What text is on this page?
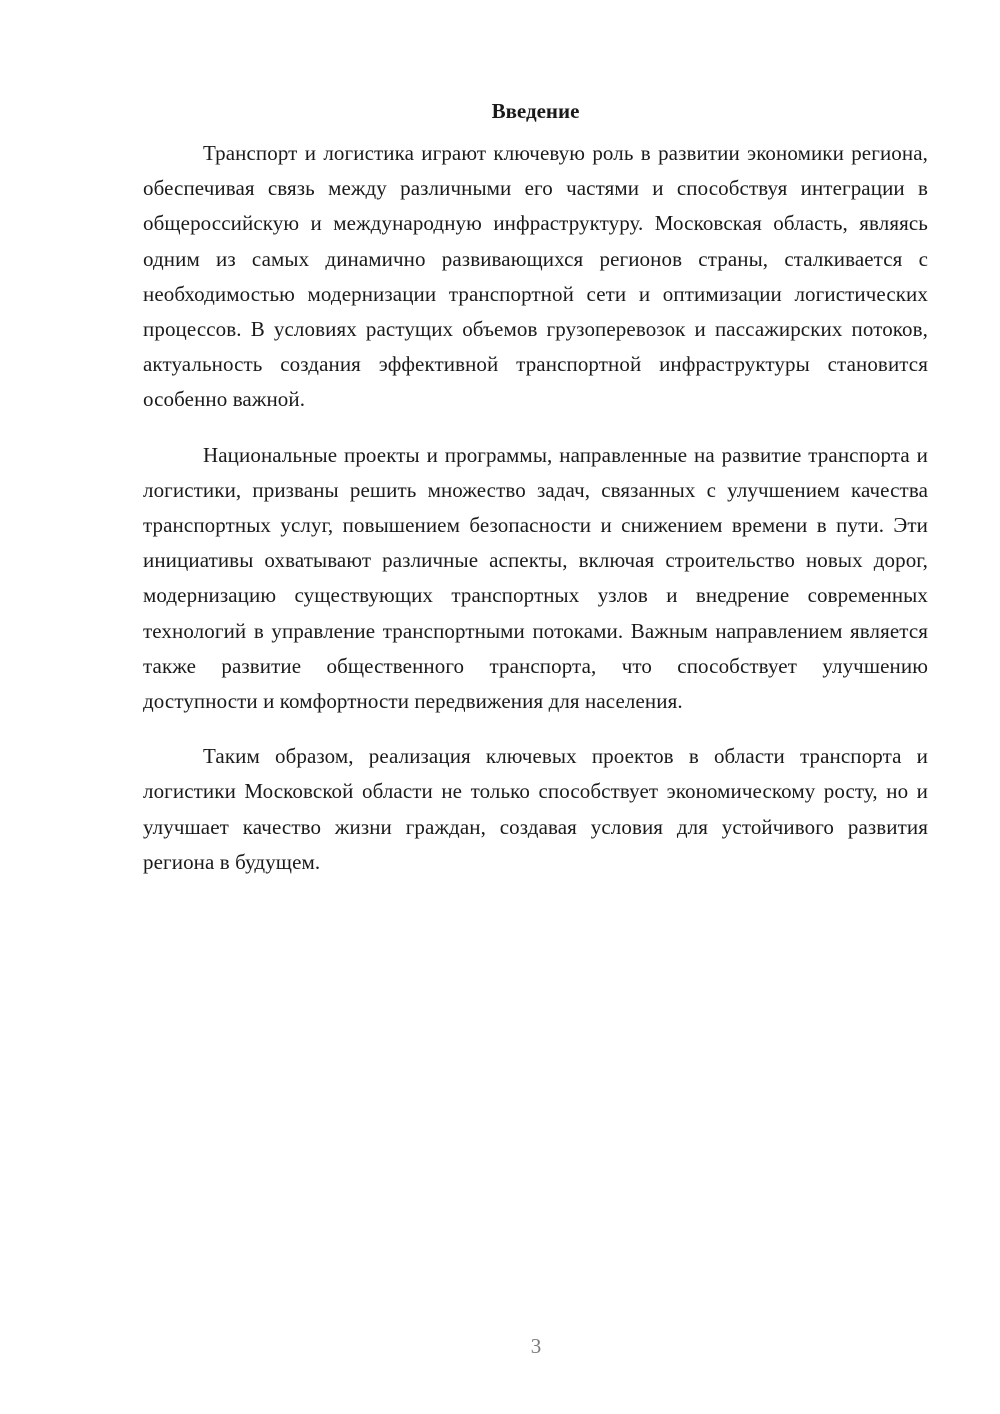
Введение

Транспорт и логистика играют ключевую роль в развитии экономики региона, обеспечивая связь между различными его частями и способствуя интеграции в общероссийскую и международную инфраструктуру. Московская область, являясь одним из самых динамично развивающихся регионов страны, сталкивается с необходимостью модернизации транспортной сети и оптимизации логистических процессов. В условиях растущих объемов грузоперевозок и пассажирских потоков, актуальность создания эффективной транспортной инфраструктуры становится особенно важной.

Национальные проекты и программы, направленные на развитие транспорта и логистики, призваны решить множество задач, связанных с улучшением качества транспортных услуг, повышением безопасности и снижением времени в пути. Эти инициативы охватывают различные аспекты, включая строительство новых дорог, модернизацию существующих транспортных узлов и внедрение современных технологий в управление транспортными потоками. Важным направлением является также развитие общественного транспорта, что способствует улучшению доступности и комфортности передвижения для населения.

Таким образом, реализация ключевых проектов в области транспорта и логистики Московской области не только способствует экономическому росту, но и улучшает качество жизни граждан, создавая условия для устойчивого развития региона в будущем.

3
